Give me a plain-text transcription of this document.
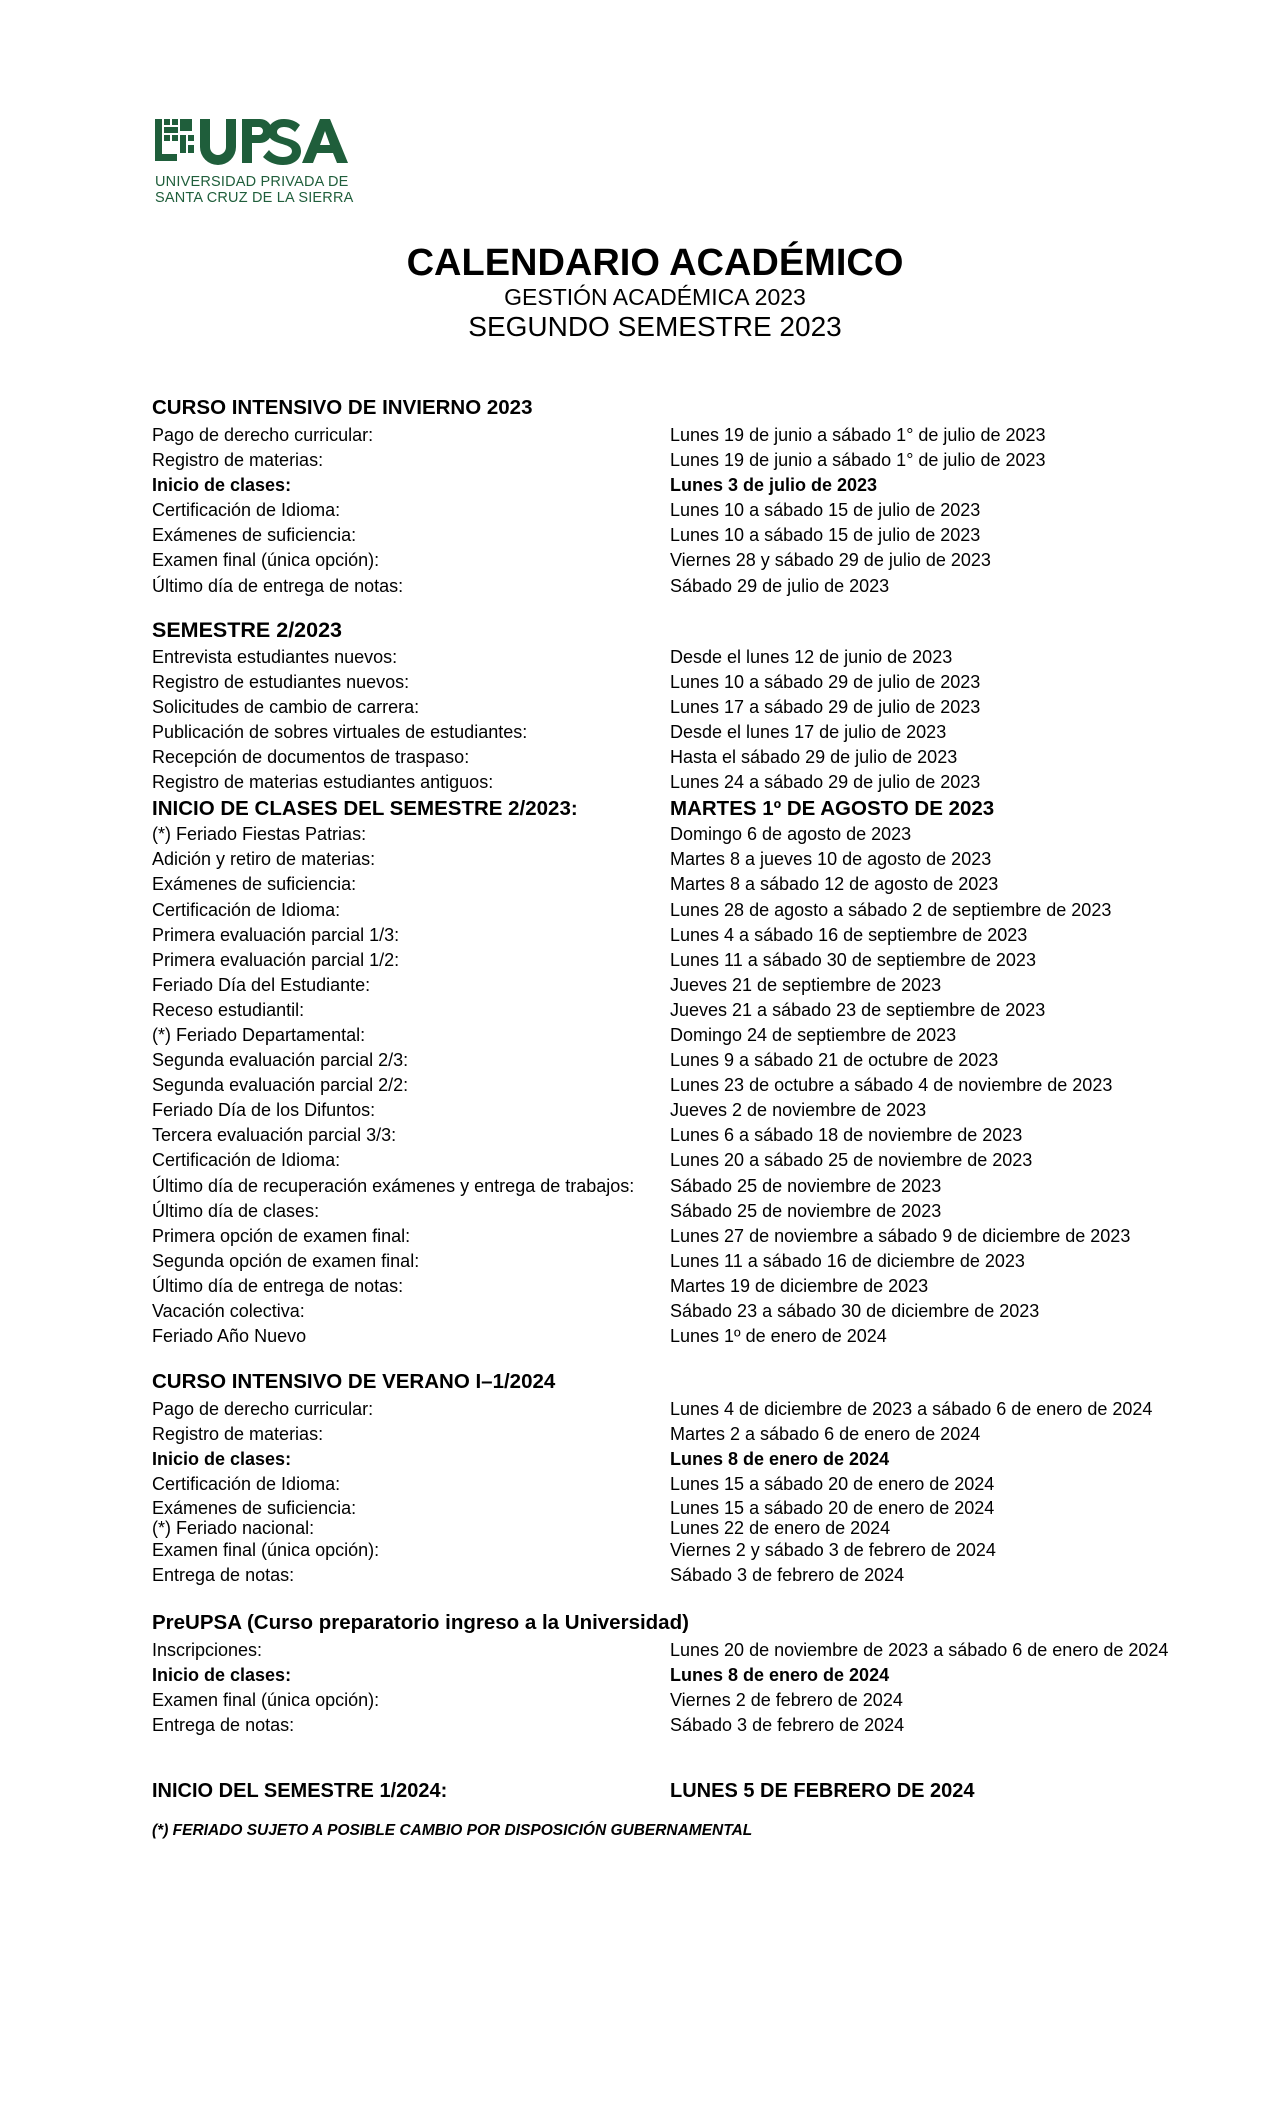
UNIVERSIDAD PRIVADA DE
SANTA CRUZ DE LA SIERRA
CALENDARIO ACADÉMICO
GESTIÓN ACADÉMICA 2023
SEGUNDO SEMESTRE 2023
CURSO INTENSIVO DE INVIERNO 2023
Pago de derecho curricular:	Lunes 19 de junio a sábado 1° de julio de 2023
Registro de materias:	Lunes 19 de junio a sábado 1° de julio de 2023
Inicio de clases:	Lunes 3 de julio de 2023
Certificación de Idioma:	Lunes 10 a sábado 15 de julio de 2023
Exámenes de suficiencia:	Lunes 10 a sábado 15 de julio de 2023
Examen final (única opción):	Viernes 28 y sábado 29 de julio de 2023
Último día de entrega de notas:	Sábado 29 de julio de 2023
SEMESTRE 2/2023
Entrevista estudiantes nuevos:	Desde el lunes 12 de junio de 2023
Registro de estudiantes nuevos:	Lunes 10 a sábado 29 de julio de 2023
Solicitudes de cambio de carrera:	Lunes 17 a sábado 29 de julio de 2023
Publicación de sobres virtuales de estudiantes:	Desde el lunes 17 de julio de 2023
Recepción de documentos de traspaso:	Hasta el sábado 29 de julio de 2023
Registro de materias estudiantes antiguos:	Lunes 24 a sábado 29 de julio de 2023
INICIO DE CLASES DEL SEMESTRE 2/2023:	MARTES 1º DE AGOSTO DE 2023
(*) Feriado Fiestas Patrias:	Domingo 6 de agosto de 2023
Adición y retiro de materias:	Martes 8 a jueves 10 de agosto de 2023
Exámenes de suficiencia:	Martes 8 a sábado 12 de agosto de 2023
Certificación de Idioma:	Lunes 28 de agosto a sábado 2 de septiembre de 2023
Primera evaluación parcial 1/3:	Lunes 4 a sábado 16 de septiembre de 2023
Primera evaluación parcial 1/2:	Lunes 11 a sábado 30 de septiembre de 2023
Feriado Día del Estudiante:	Jueves 21 de septiembre de 2023
Receso estudiantil:	Jueves 21 a sábado 23 de septiembre de 2023
(*) Feriado Departamental:	Domingo 24 de septiembre de 2023
Segunda evaluación parcial 2/3:	Lunes 9 a sábado 21 de octubre de 2023
Segunda evaluación parcial 2/2:	Lunes 23 de octubre a sábado 4 de noviembre de 2023
Feriado Día de los Difuntos:	Jueves 2 de noviembre de 2023
Tercera evaluación parcial 3/3:	Lunes 6 a sábado 18 de noviembre de 2023
Certificación de Idioma:	Lunes 20 a sábado 25 de noviembre de 2023
Último día de recuperación exámenes y entrega de trabajos: Sábado 25 de noviembre de 2023
Último día de clases:	Sábado 25 de noviembre de 2023
Primera opción de examen final:	Lunes 27 de noviembre a sábado 9 de diciembre de 2023
Segunda opción de examen final:	Lunes 11 a sábado 16 de diciembre de 2023
Último día de entrega de notas:	Martes 19 de diciembre de 2023
Vacación colectiva:	Sábado 23 a sábado 30 de diciembre de 2023
Feriado Año Nuevo	Lunes 1º de enero de 2024
CURSO INTENSIVO DE VERANO I–1/2024
Pago de derecho curricular:	Lunes 4 de diciembre de 2023 a sábado 6 de enero de 2024
Registro de materias:	Martes 2 a sábado 6 de enero de 2024
Inicio de clases:	Lunes 8 de enero de 2024
Certificación de Idioma:	Lunes 15 a sábado 20 de enero de 2024
Exámenes de suficiencia:	Lunes 15 a sábado 20 de enero de 2024
(*) Feriado nacional:	Lunes 22 de enero de 2024
Examen final (única opción):	Viernes 2 y sábado 3 de febrero de 2024
Entrega de notas:	Sábado 3 de febrero de 2024
PreUPSA (Curso preparatorio ingreso a la Universidad)
Inscripciones:	Lunes 20 de noviembre de 2023 a sábado 6 de enero de 2024
Inicio de clases:	Lunes 8 de enero de 2024
Examen final (única opción):	Viernes 2 de febrero de 2024
Entrega de notas:	Sábado 3 de febrero de 2024
INICIO DEL SEMESTRE 1/2024:	LUNES 5 DE FEBRERO DE 2024
(*) FERIADO SUJETO A POSIBLE CAMBIO POR DISPOSICIÓN GUBERNAMENTAL
